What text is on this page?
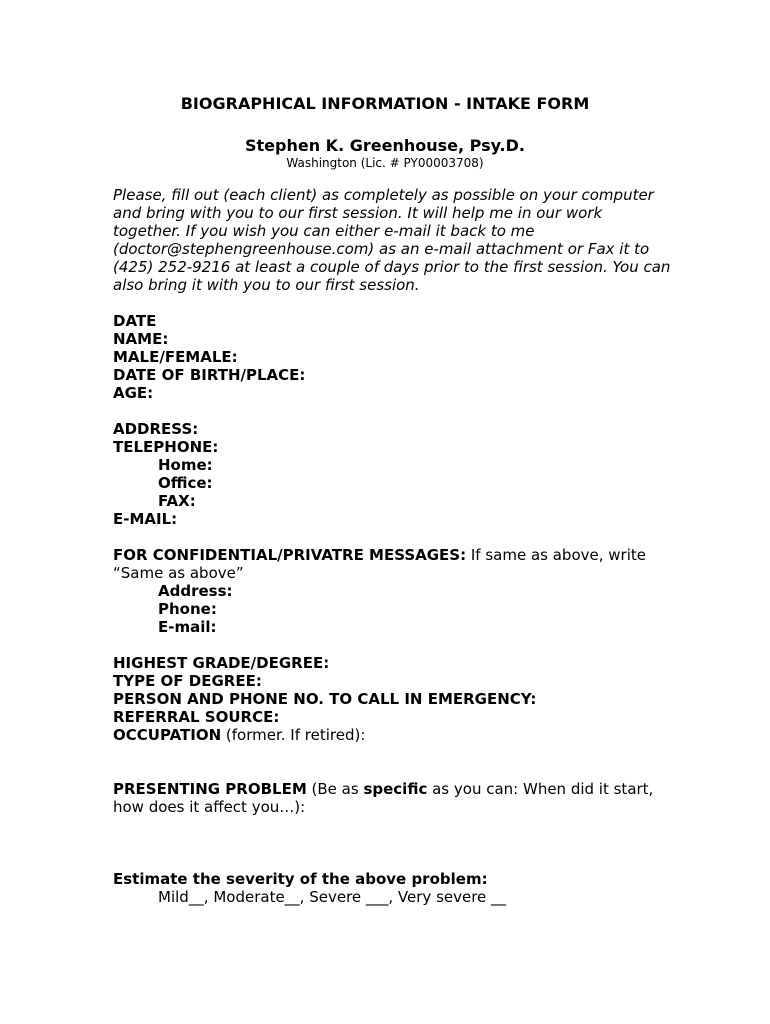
BIOGRAPHICAL INFORMATION - INTAKE FORM
Stephen K. Greenhouse, Psy.D.
Washington (Lic. # PY00003708)

Please, fill out (each client) as completely as possible on your computer and bring with you to our first session. It will help me in our work together. If you wish you can either e-mail it back to me (doctor@stephengreenhouse.com) as an e-mail attachment or Fax it to (425) 252-9216 at least a couple of days prior to the first session. You can also bring it with you to our first session.

DATE
NAME:
MALE/FEMALE:
DATE OF BIRTH/PLACE:
AGE:
ADDRESS:
TELEPHONE:
Home:
Office:
FAX:
E-MAIL:
FOR CONFIDENTIAL/PRIVATRE MESSAGES: If same as above, write “Same as above”
Address:
Phone:
E-mail:
HIGHEST GRADE/DEGREE:
TYPE OF DEGREE:
PERSON AND PHONE NO. TO CALL IN EMERGENCY:
REFERRAL SOURCE:
OCCUPATION (former. If retired):
PRESENTING PROBLEM (Be as specific as you can: When did it start, how does it affect you…):
Estimate the severity of the above problem:
Mild__, Moderate__, Severe ___, Very severe __
